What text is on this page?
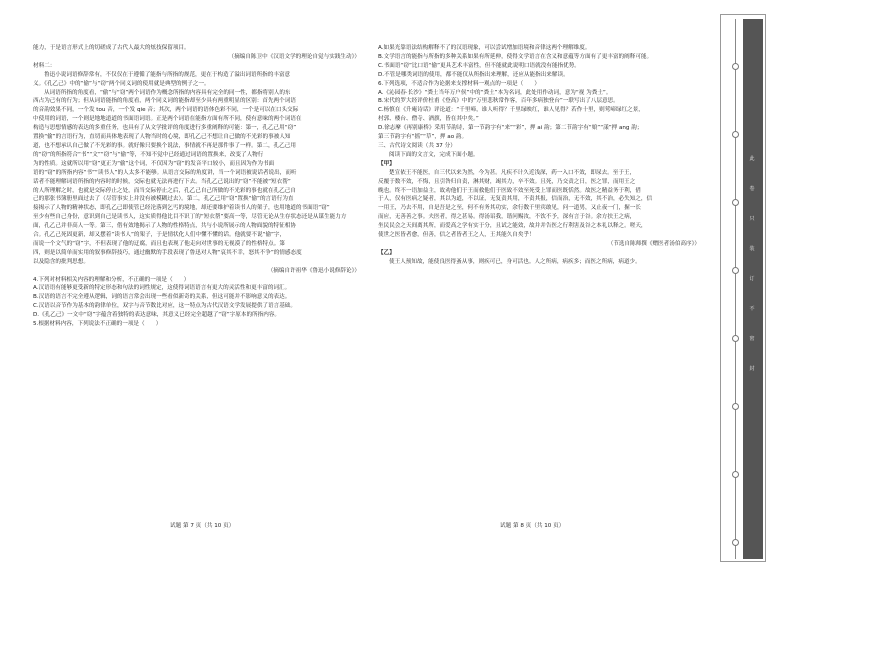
能力，于是语言形式上的切磋成了古代人最大的炫技保留项目。

（摘编自陈卫中《汉语文学的理论自觉与实践生动》）

材料二：

鲁迅小说词语修辞常有，不仅仅在于遵循了能指与所指的规范，更在于构造了溢出词语所指的丰富意

义。《孔乙己》中的“偷”与“窃”两个同义词的使用就是典型的例子之一。

从词语所指的角度看，“偷”与“窃”两个词语作为概念所指的内容具有完全的同一性，都指将别人的东

西占为己有的行为；但从词语能指的角度看，两个同义词的能指却至少具有两重明显的区别：首先两个词语

的音韵效果不同，一个发 tou 音，一个发 qie 音；其次，两个词语的语体色彩不同，一个是可以在口头交际

中使用的词语，一个则是地地道道的书面语词语。正是两个词语在能指方面有所不同，使有意味的两个词语在

构造与思想情感的表达的多重任务，也具有了从文学批评的角度进行多重阐释的可能：第一，孔乙己用“窃”

置换“偷”的言语行为，直切而具体地表现了人物当时的心境，即孔乙己不想让自己做的不光彩的事被人知

道，也不想承认自己做了不光彩的事。就好像只要换个说法，事情就不再是那件事了一样。第二，孔乙己用

的“窃”的所指符合“书”“文”“窃”与“偷”等，不知不觉中已经通过词语的置换来，改变了人物行

为的性质。这就所以用“窃”更正为“偷”这个词，不仅因为“窃”的发音平口较小，而且因为作为书面

语的“窃”的所指内容“书”“读书人”的人太多不能够。从语言交际的角度讲，当一个词语被说话者说出，而听

话者不能理解词语所指的内容时的时候，交际也就无法再进行下去。当孔乙己说出的“窃”不能被“短衣帮”

的人所理解之时，也就是交际停止之处，而当交际停止之后，孔乙己自己所做的不光彩的事也就在孔乙己自

己的那张书簿册里面过去了（尽管事实上并没有被模糊过去）。第二，孔乙己用“窃”置换“偷”的言语行为直

接揭示了人物的精神状态，即孔乙己即使管已经沦落到乞丐的境地，却还要维护着读书人的架子，也用地道的书面语“窃”

至少有些自己身份，意识到自己是读书人，这实质得他比目不识丁的“短衣帮”要高一等，尽管无论从生存状态还是从谋生能力方

面，孔乙己并非高人一等。第三，借有效地揭示了人物的性格特点，共与小说所展示的人物面貌的特征相协

合。孔乙己死固更新，却又摆着“读书人”的架子，于是情状化人们中懂不懂的话。他就要不说“偷”字，

而说一个文气的“窃”字，不但表现了他的迂腐，而且也表现了他走向对世事的无视漠了的性格特点。第

四，则是以简单而实用的叙事修辞技巧，通过幽默的手段表现了鲁迅对人物“哀其不幸，怒其不争”的情感态度

以及隐含的批判思想。

（摘编自许祖华《鲁迅小说修辞论》）

4.下列对材料相关内容的理解和分析，不正确的一项是（　　）

A.汉语语有能够更受新的特定形态和句法的词性规定，这使得词语语言有更大的灵活性和更丰富的词汇。

B.汉语的语言不完全遵从逻辑，词的语言常会出现一些看似新奇的关系，但这可能并不影响意义的表达。

C.汉语以音节作为基本的韵律单位，双字与音节数比对应，这一特点为古代汉语文学发展提供了语言基础。

D.《孔乙己》一文中“窃”字蕴含着独特的表达意味，其意义已经完全超越了“窃”字原本的所指内容。

5.根据材料内容，下列说法不正确的一项是（　　）

试题 第 7 页（共 10 页）

A.如果光靠语法结构解释不了的汉语现象，可以尝试增加语境和音律这两个理解维度。

B.文学语言的能指与所指的多种关系如果有所延伸，使得文学语言在含义和意蕴等方面有了更丰富的阐释可能。

C.书面语“窃”比口语“偷”更具艺术丰富性，但不能就此说明口语就没有能指优势。

D.不管是哪类词语的使用，都不能仅从所指出来理解，还应从能指出来解读。

6.下列选项，不适合作为论据来支撑材料一观点的一项是（　　）

A.《沁园春·长沙》“粪土当年万户侯”中的“粪土”本为名词，此处用作动词，意为“视 为粪土”。

B.宋代的罗大经评价杜甫《登高》中的“万里悲秋常作客，百年多病独登台”一联写出了八层意思。

C.杨慎在《升庵诗话》评论道：“千里啼，谁人听得？千里绿映红，谁人见得？若作十里，则莺啼绿红之景，

村郭、楼台、僧寺、酒旗，皆在其中矣。”

D.徐志摩《再别康桥》采用节韵诗，第一节韵字有“来”“彩”，押 ai 韵；第二节韵字有“娘”“漾”押 ang 韵；

第三节韵字有“摇”“草”，押 ao 韵。

三、古代诗文阅读（共 37 分）

阅读下面的文言文，完成下面小题。

【甲】

楚宣依王不能医，自三代以来为然，今为甚。凡疾不计久近浅深，药一入口不效，即尿去。至于王，

反覆于数不效，不悔，且引咎归自责，淋其财，竭其力，卒不效。且死，乃交责之日，医之罪，而用王之

晚也。终不一语加益主，故劝他们于王而救他们于医致不效至死受上罪而医既恬然。故医之精益务于利，借

于人，仅有医病之疑者，其以为道，不以证，无复责其用，不责其报，信而治，无不效，其不治，必失知之，信

一用王，乃去不用，自是吾是之至，何不有务其功实，余行数千里宾敢见，问一道男，又止夜一门，握一长

而应，无善善之事。夫医者，得之甚易。得汤诏我，谐问赐汝，不饮不予，深有言于谷。余方扶王之病，

坐民民会之天间离其所，而爱高之学有实于分，且试之能效，故并并告医之行利害及谷之本礼以释之。嗟天，

使世之医皆者愈，但善，信之者皆者王之人，王其能久自矣乎！

（节选自陈师撰《赠医者汤伯高序》）

【乙】

使王人预知故，能使良医得蚤从事，则疾可已，身可活也。人之所病，病疾多；而医之所病，病道少。

试题 第 8 页（共 10 页）
此
卷
只
装
订
不
密
封
